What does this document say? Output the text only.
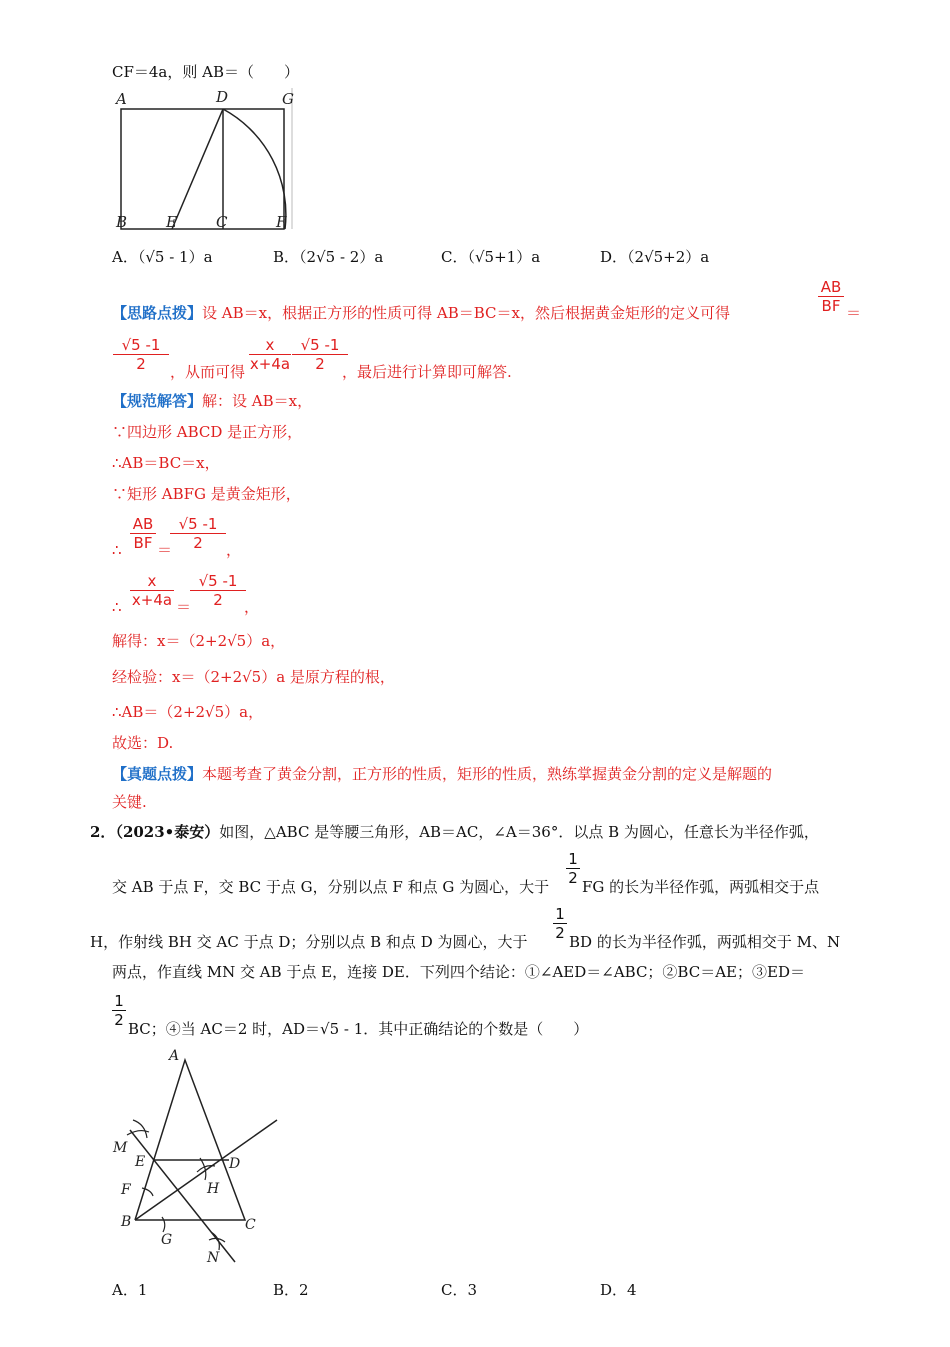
CF＝4a，则 AB＝（　　）
A	D	G
B	E	C	F
A．（√5 - 1）a	B．（2√5 - 2）a	C．（√5+1）a	D．（2√5+2）a
【思路点拨】设 AB＝x，根据正方形的性质可得 AB＝BC＝x，然后根据黄金矩形的定义可得
AB
BF ＝
√5 -1
2	，从而可得
x
x+4a
√5 -1
2	，最后进行计算即可解答.
【规范解答】解：设 AB＝x，
∵四边形 ABCD 是正方形，
∴AB＝BC＝x，
∵矩形 ABFG 是黄金矩形，
∴
AB
BF ＝
√5 -1
2	，
∴
x
x+4a ＝
√5 -1
2	，
解得：x＝（2+2√5）a，
经检验：x＝（2+2√5）a 是原方程的根，
∴AB＝（2+2√5）a，
故选：D.
【真题点拨】本题考查了黄金分割，正方形的性质，矩形的性质，熟练掌握黄金分割的定义是解题的
关键.
2．（2023•泰安）如图，△ABC 是等腰三角形，AB＝AC，∠A＝36°．以点 B 为圆心，任意长为半径作弧，
交 AB 于点 F，交 BC 于点 G，分别以点 F 和点 G 为圆心，大于
1
2 FG 的长为半径作弧，两弧相交于点
H，作射线 BH 交 AC 于点 D；分别以点 B 和点 D 为圆心，大于
1
2 BD 的长为半径作弧，两弧相交于 M、N
两点，作直线 MN 交 AB 于点 E，连接 DE．下列四个结论：①∠AED＝∠ABC；②BC＝AE；③ED＝
1
2 BC；④当 AC＝2 时，AD＝√5 - 1．其中正确结论的个数是（　　）
A
M
E	D
F	H
B
G
C
N
A．1	B．2	C．3	D．4
